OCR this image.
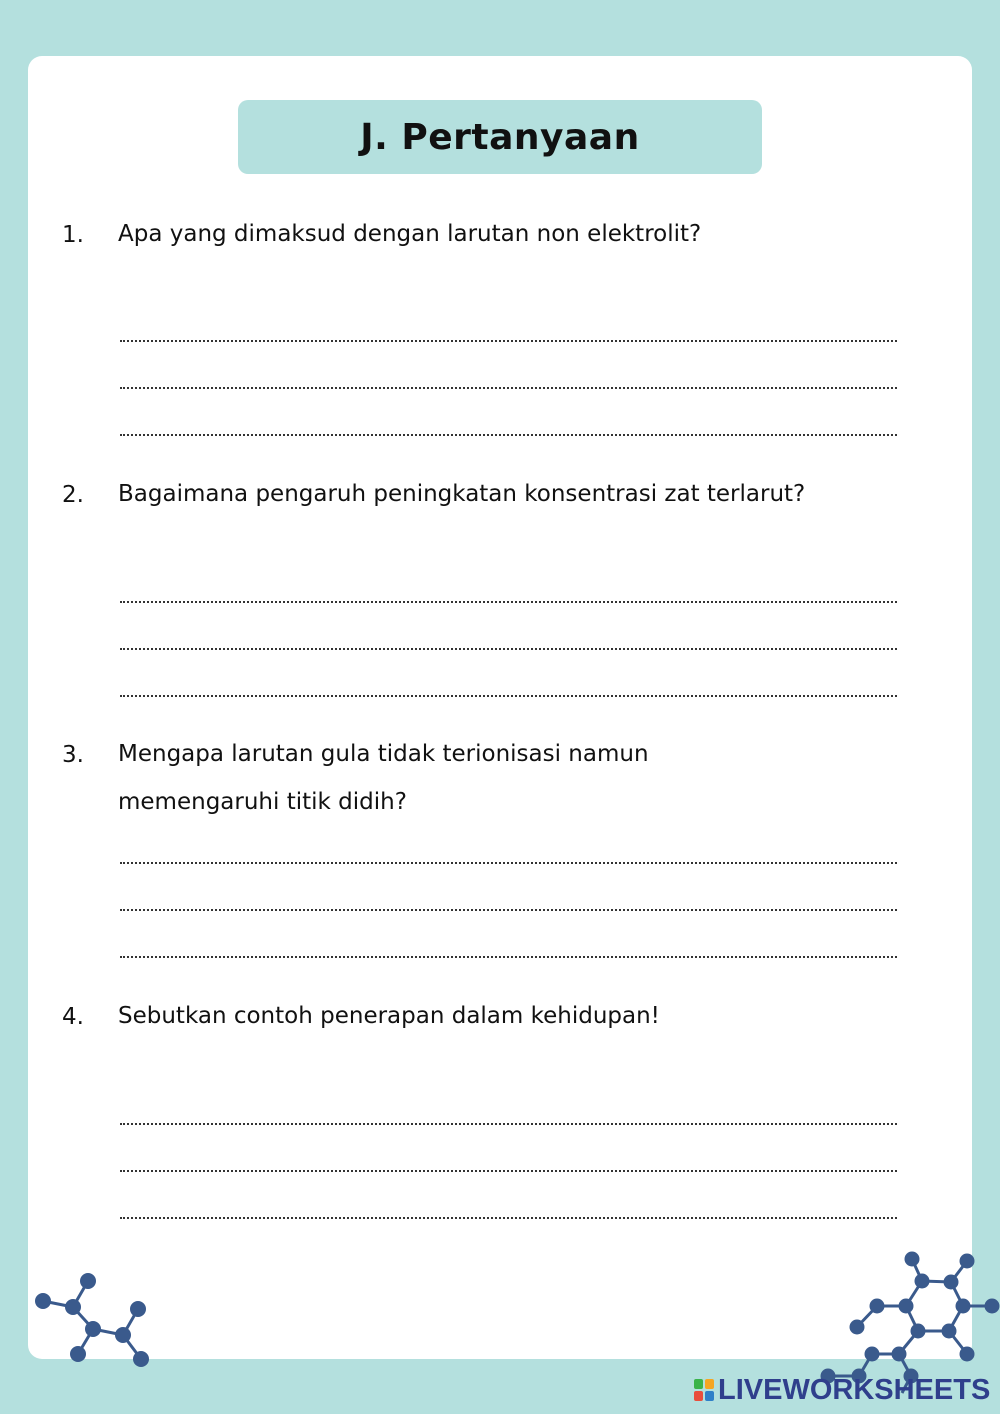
J. Pertanyaan
1. Apa yang dimaksud dengan larutan non elektrolit?
2. Bagaimana pengaruh peningkatan konsentrasi zat terlarut?
3. Mengapa larutan gula tidak terionisasi namun
memengaruhi titik didih?
4. Sebutkan contoh penerapan dalam kehidupan!
LIVEWORKSHEETS
